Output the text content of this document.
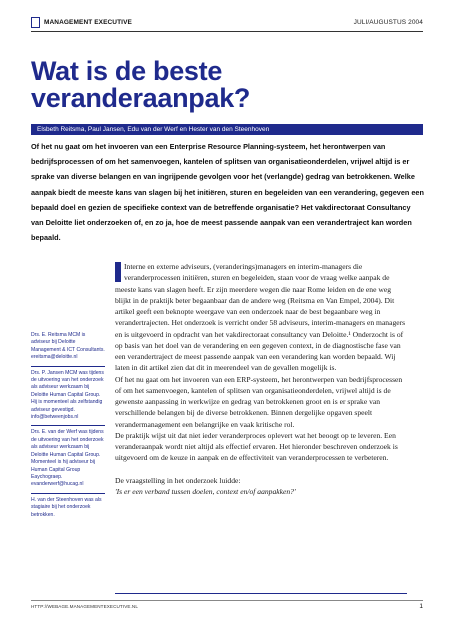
MANAGEMENT EXECUTIVE	JULI/AUGUSTUS 2004
Wat is de beste veranderaanpak?
Elsbeth Reitsma, Paul Jansen, Edu van der Werf en Hester van den Steenhoven

Of het nu gaat om het invoeren van een Enterprise Resource Planning-systeem, het herontwerpen van bedrijfsprocessen of om het samenvoegen, kantelen of splitsen van organisatieonderdelen, vrijwel altijd is er sprake van diverse belangen en van ingrijpende gevolgen voor het (verlangde) gedrag van betrokkenen. Welke aanpak biedt de meeste kans van slagen bij het initiëren, sturen en begeleiden van een verandering, gegeven een bepaald doel en gezien de specifieke context van de betreffende organisatie? Het vakdirectoraat Consultancy van Deloitte liet onderzoeken of, en zo ja, hoe de meest passende aanpak van een verandertraject kan worden bepaald.

Drs. E. Reitsma MCM is adviseur bij Deloitte Management & ICT Consultants. ereitsma@deloitte.nl

Drs. P. Jansen MCM was tijdens de uitvoering van het onderzoek als adviseur werkzaam bij Deloitte Human Capital Group. Hij is momenteel als zelfstandig adviseur gevestigd. info@betweenjobs.nl

Drs. E. van der Werf was tijdens de uitvoering van het onderzoek als adviseur werkzaam bij Deloitte Human Capital Group. Momenteel is hij adviseur bij Human Capital Group Eaychograep. evanderwerf@hucag.nl

H. van der Steenhoven was als stagiaire bij het onderzoek betrokken.

Interne en externe adviseurs, (veranderings)managers en interim-managers die veranderprocessen initiëren, sturen en begeleiden, staan voor de vraag welke aanpak de meeste kans van slagen heeft. Er zijn meerdere wegen die naar Rome leiden en de ene weg blijkt in de praktijk beter begaanbaar dan de andere weg (Reitsma en Van Empel, 2004). Dit artikel geeft een beknopte weergave van een onderzoek naar de best begaanbare weg in verandertrajecten. Het onderzoek is verricht onder 58 adviseurs, interim-managers en managers en is uitgevoerd in opdracht van het vakdirectoraat consultancy van Deloitte.¹ Onderzocht is of op basis van het doel van de verandering en een gegeven context, in de diagnostische fase van een verandertraject de meest passende aanpak van een verandering kan worden bepaald. Wij laten in dit artikel zien dat dit in meerendeel van de gevallen mogelijk is.

Of het nu gaat om het invoeren van een ERP-systeem, het herontwerpen van bedrijfsprocessen of om het samenvoegen, kantelen of splitsen van organisatieonderdelen, vrijwel altijd is de gewenste aanpassing in werkwijze en gedrag van betrokkenen groot en is er sprake van verschillende belangen bij de diverse betrokkenen. Binnen dergelijke opgaven speelt verandermanagement een belangrijke en vaak kritische rol.

De praktijk wijst uit dat niet ieder veranderproces oplevert wat het beoogt op te leveren. Een veranderaanpak wordt niet altijd als effectief ervaren. Het hieronder beschreven onderzoek is uitgevoerd om de keuze in aanpak en de effectiviteit van veranderprocessen te verbeteren.

De vraagstelling in het onderzoek luidde:

'Is er een verband tussen doelen, context en/of aanpakken?'

HTTP://WEBAGE.MANAGEMENTEXECUTIVE.NL	1
